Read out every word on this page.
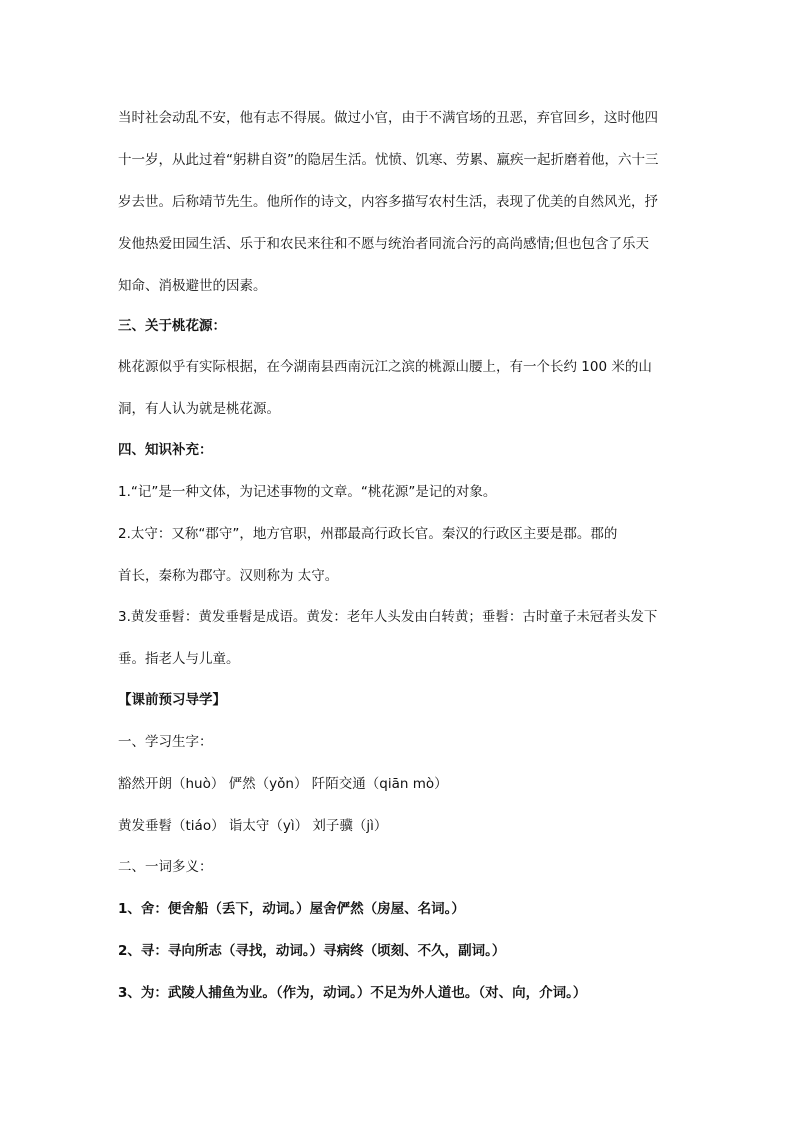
当时社会动乱不安，他有志不得展。做过小官，由于不满官场的丑恶，弃官回乡，这时他四
十一岁，从此过着“躬耕自资”的隐居生活。忧愤、饥寒、劳累、羸疾一起折磨着他，六十三
岁去世。后称靖节先生。他所作的诗文，内容多描写农村生活，表现了优美的自然风光，抒
发他热爱田园生活、乐于和农民来往和不愿与统治者同流合污的高尚感情;但也包含了乐天
知命、消极避世的因素。
三、关于桃花源：
桃花源似乎有实际根据，在今湖南县西南沅江之滨的桃源山腰上，有一个长约 100 米的山
洞，有人认为就是桃花源。
四、知识补充：
1.“记”是一种文体，为记述事物的文章。“桃花源”是记的对象。
2.太守：又称“郡守”，地方官职，州郡最高行政长官。秦汉的行政区主要是郡。郡的
首长，秦称为郡守。汉则称为 太守。
3.黄发垂髫：黄发垂髫是成语。黄发：老年人头发由白转黄；垂髫：古时童子未冠者头发下
垂。指老人与儿童。
【课前预习导学】
一、学习生字：
豁然开朗（huò） 俨然（yǒn） 阡陌交通（qiān mò）
黄发垂髫（tiáo） 诣太守（yì） 刘子骥（jì）
二、一词多义：
1、舍：便舍船（丢下，动词。）屋舍俨然（房屋、名词。）
2、寻：寻向所志（寻找，动词。）寻病终（顷刻、不久，副词。）
3、为：武陵人捕鱼为业。（作为，动词。）不足为外人道也。（对、向，介词。）
